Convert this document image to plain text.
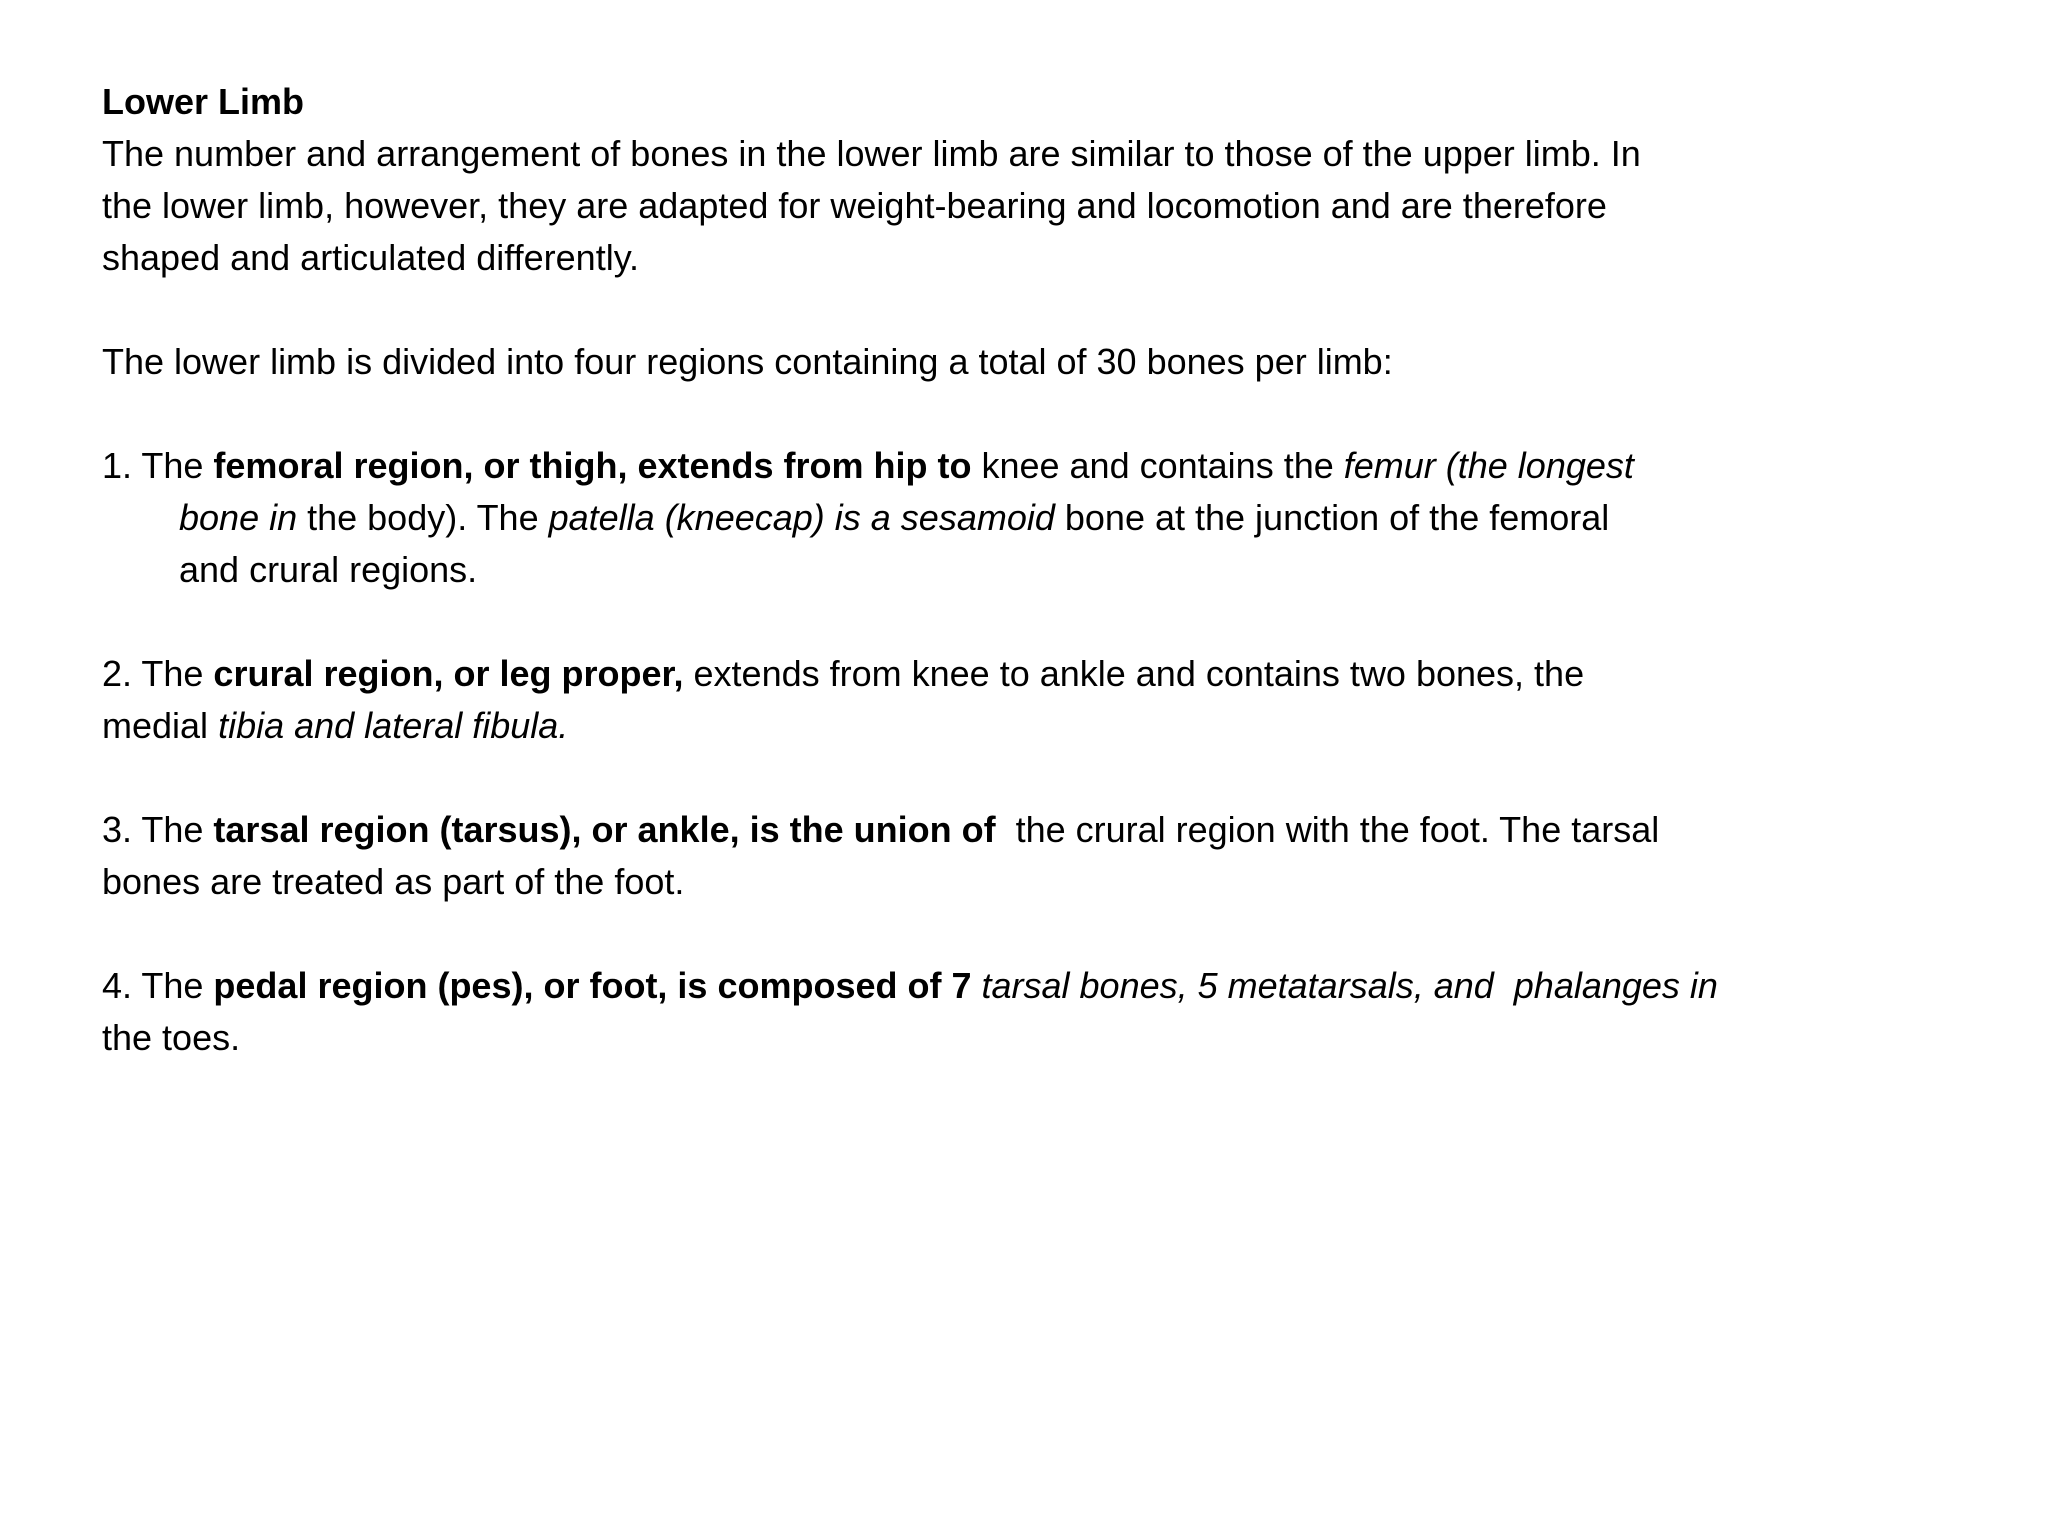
Lower Limb
The number and arrangement of bones in the lower limb are similar to those of the upper limb. In
the lower limb, however, they are adapted for weight-bearing and locomotion and are therefore
shaped and articulated differently.
The lower limb is divided into four regions containing a total of 30 bones per limb:
1. The femoral region, or thigh, extends from hip to knee and contains the femur (the longest
bone in the body). The patella (kneecap) is a sesamoid bone at the junction of the femoral
and crural regions.
2. The crural region, or leg proper, extends from knee to ankle and contains two bones, the
medial tibia and lateral fibula.
3. The tarsal region (tarsus), or ankle, is the union of  the crural region with the foot. The tarsal
bones are treated as part of the foot.
4. The pedal region (pes), or foot, is composed of 7 tarsal bones, 5 metatarsals, and  phalanges in
the toes.
